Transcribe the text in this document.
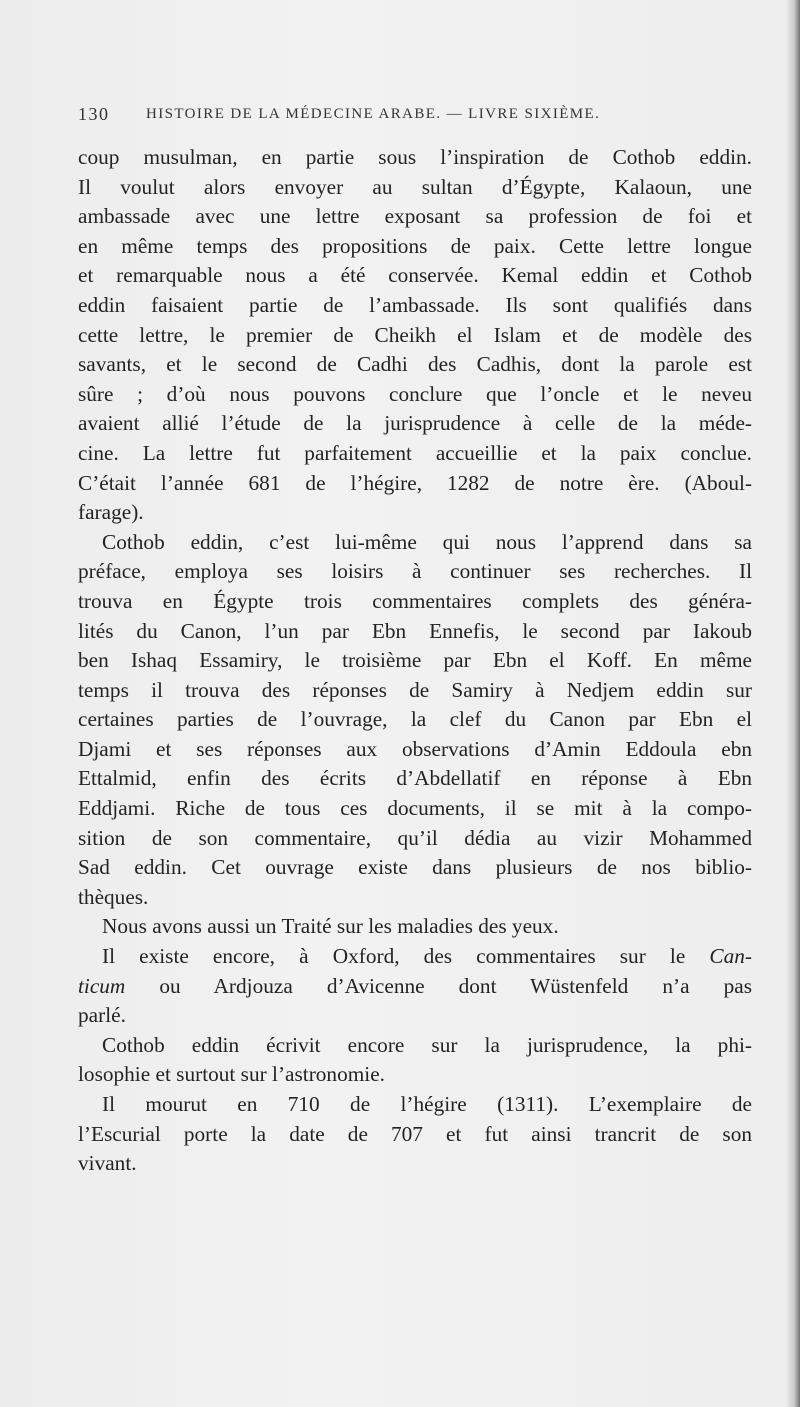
130 HISTOIRE DE LA MÉDECINE ARABE. — LIVRE SIXIÈME.
coup musulman, en partie sous l’inspiration de Cothob eddin.
Il voulut alors envoyer au sultan d’Égypte, Kalaoun, une
ambassade avec une lettre exposant sa profession de foi et
en même temps des propositions de paix. Cette lettre longue
et remarquable nous a été conservée. Kemal eddin et Cothob
eddin faisaient partie de l’ambassade. Ils sont qualifiés dans
cette lettre, le premier de Cheikh el Islam et de modèle des
savants, et le second de Cadhi des Cadhis, dont la parole est
sûre ; d’où nous pouvons conclure que l’oncle et le neveu
avaient allié l’étude de la jurisprudence à celle de la méde-
cine. La lettre fut parfaitement accueillie et la paix conclue.
C’était l’année 681 de l’hégire, 1282 de notre ère. (Aboul-
farage).
Cothob eddin, c’est lui-même qui nous l’apprend dans sa
préface, employa ses loisirs à continuer ses recherches. Il
trouva en Égypte trois commentaires complets des généra-
lités du Canon, l’un par Ebn Ennefis, le second par Iakoub
ben Ishaq Essamiry, le troisième par Ebn el Koff. En même
temps il trouva des réponses de Samiry à Nedjem eddin sur
certaines parties de l’ouvrage, la clef du Canon par Ebn el
Djami et ses réponses aux observations d’Amin Eddoula ebn
Ettalmid, enfin des écrits d’Abdellatif en réponse à Ebn
Eddjami. Riche de tous ces documents, il se mit à la compo-
sition de son commentaire, qu’il dédia au vizir Mohammed
Sad eddin. Cet ouvrage existe dans plusieurs de nos biblio-
thèques.
Nous avons aussi un Traité sur les maladies des yeux.
Il existe encore, à Oxford, des commentaires sur le Can-
ticum ou Ardjouza d’Avicenne dont Wüstenfeld n’a pas
parlé.
Cothob eddin écrivit encore sur la jurisprudence, la phi-
losophie et surtout sur l’astronomie.
Il mourut en 710 de l’hégire (1311). L’exemplaire de
l’Escurial porte la date de 707 et fut ainsi trancrit de son
vivant.
